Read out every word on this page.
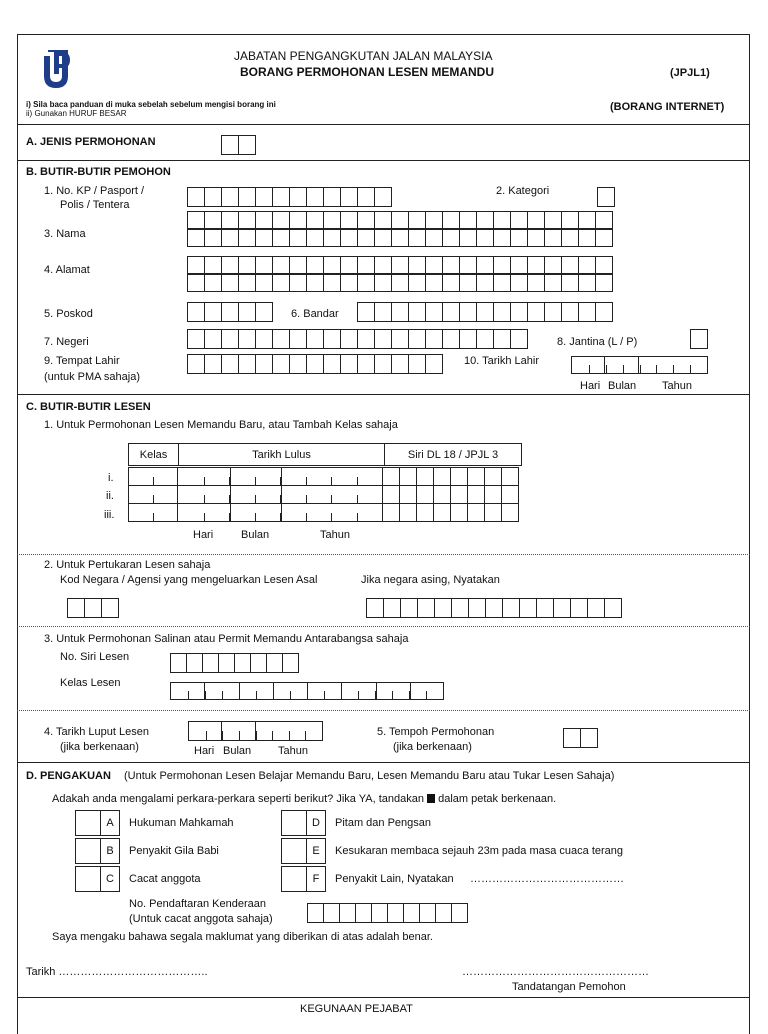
JABATAN PENGANGKUTAN JALAN MALAYSIA
BORANG PERMOHONAN LESEN MEMANDU	(JPJL1)
i) Sila baca panduan di muka sebelah sebelum mengisi borang ini
ii) Gunakan HURUF BESAR
(BORANG INTERNET)
A. JENIS PERMOHONAN
B. BUTIR-BUTIR PEMOHON
1. No. KP / Pasport /
Polis / Tentera
2. Kategori
3. Nama
4. Alamat
5. Poskod	6. Bandar
7. Negeri	8. Jantina (L / P)
9. Tempat Lahir
(untuk PMA sahaja)
10. Tarikh Lahir
Hari Bulan Tahun
C. BUTIR-BUTIR LESEN
1. Untuk Permohonan Lesen Memandu Baru, atau Tambah Kelas sahaja
Kelas	Tarikh Lulus	Siri DL 18 / JPJL 3
i.
ii.
iii.
Hari	Bulan	Tahun
2. Untuk Pertukaran Lesen sahaja
Kod Negara / Agensi yang mengeluarkan Lesen Asal	Jika negara asing, Nyatakan
3. Untuk Permohonan Salinan atau Permit Memandu Antarabangsa sahaja
No. Siri Lesen
Kelas Lesen
4. Tarikh Luput Lesen
(jika berkenaan)	Hari Bulan Tahun
5. Tempoh Permohonan
(jika berkenaan)
D. PENGAKUAN (Untuk Permohonan Lesen Belajar Memandu Baru, Lesen Memandu Baru atau Tukar Lesen Sahaja)
Adakah anda mengalami perkara-perkara seperti berikut? Jika YA, tandakan dalam petak berkenaan.
A	Hukuman Mahkamah
B	Penyakit Gila Babi
C	Cacat anggota
D	Pitam dan Pengsan
E	Kesukaran membaca sejauh 23m pada masa cuaca terang
F	Penyakit Lain, Nyatakan ……………………………………
No. Pendaftaran Kenderaan
(Untuk cacat anggota sahaja)
Saya mengaku bahawa segala maklumat yang diberikan di atas adalah benar.
Tarikh …………………………………..	……………………………………………
Tandatangan Pemohon
KEGUNAAN PEJABAT
